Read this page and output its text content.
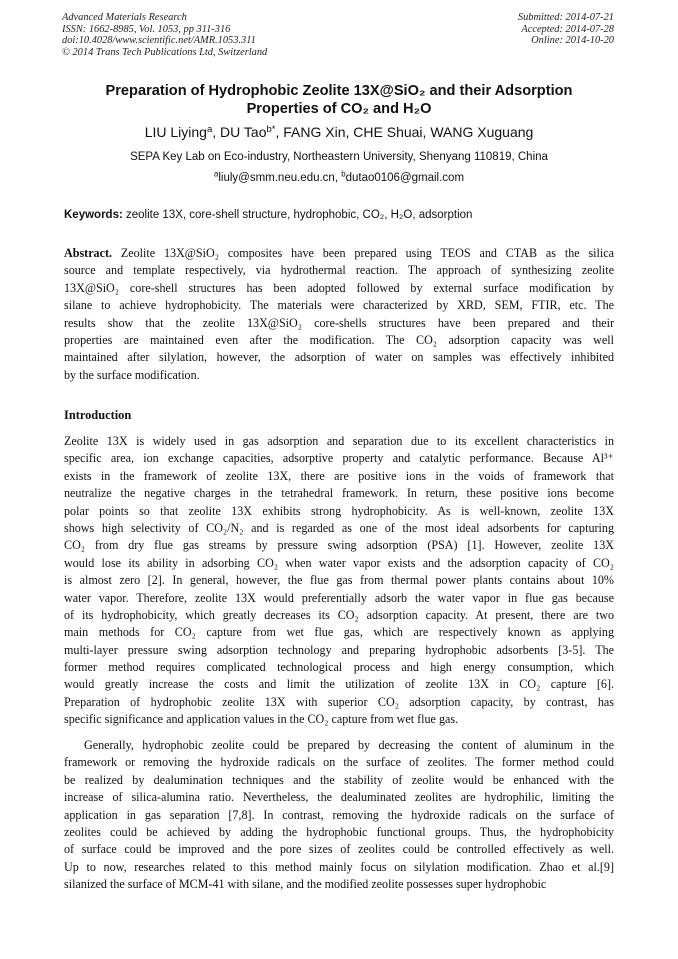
Advanced Materials Research
ISSN: 1662-8985, Vol. 1053, pp 311-316
doi:10.4028/www.scientific.net/AMR.1053.311
© 2014 Trans Tech Publications Ltd, Switzerland
Submitted: 2014-07-21
Accepted: 2014-07-28
Online: 2014-10-20
Preparation of Hydrophobic Zeolite 13X@SiO₂ and their Adsorption
Properties of CO₂ and H₂O
LIU Liying$^a$, DU Tao$^{b*}$, FANG Xin, CHE Shuai, WANG Xuguang
SEPA Key Lab on Eco-industry, Northeastern University, Shenyang 110819, China
$^a$liuly@smm.neu.edu.cn, $^b$dutao0106@gmail.com
Keywords: zeolite 13X, core-shell structure, hydrophobic, CO₂, H₂O, adsorption
Abstract. Zeolite 13X@SiO₂ composites have been prepared using TEOS and CTAB as the silica
source and template respectively, via hydrothermal reaction. The approach of synthesizing zeolite
13X@SiO₂ core-shell structures has been adopted followed by external surface modification by
silane to achieve hydrophobicity. The materials were characterized by XRD, SEM, FTIR, etc. The
results show that the zeolite 13X@SiO₂ core-shells structures have been prepared and their
properties are maintained even after the modification. The CO₂ adsorption capacity was well
maintained after silylation, however, the adsorption of water on samples was effectively inhibited
by the surface modification.
Introduction
Zeolite 13X is widely used in gas adsorption and separation due to its excellent characteristics in
specific area, ion exchange capacities, adsorptive property and catalytic performance. Because Al³⁺
exists in the framework of zeolite 13X, there are positive ions in the voids of framework that
neutralize the negative charges in the tetrahedral framework. In return, these positive ions become
polar points so that zeolite 13X exhibits strong hydrophobicity. As is well-known, zeolite 13X
shows high selectivity of CO₂/N₂ and is regarded as one of the most ideal adsorbents for capturing
CO₂ from dry flue gas streams by pressure swing adsorption (PSA) [1]. However, zeolite 13X
would lose its ability in adsorbing CO₂ when water vapor exists and the adsorption capacity of CO₂
is almost zero [2]. In general, however, the flue gas from thermal power plants contains about 10%
water vapor. Therefore, zeolite 13X would preferentially adsorb the water vapor in flue gas because
of its hydrophobicity, which greatly decreases its CO₂ adsorption capacity. At present, there are two
main methods for CO₂ capture from wet flue gas, which are respectively known as applying
multi-layer pressure swing adsorption technology and preparing hydrophobic adsorbents [3-5]. The
former method requires complicated technological process and high energy consumption, which
would greatly increase the costs and limit the utilization of zeolite 13X in CO₂ capture [6].
Preparation of hydrophobic zeolite 13X with superior CO₂ adsorption capacity, by contrast, has
specific significance and application values in the CO₂ capture from wet flue gas.
Generally, hydrophobic zeolite could be prepared by decreasing the content of aluminum in the
framework or removing the hydroxide radicals on the surface of zeolites. The former method could
be realized by dealumination techniques and the stability of zeolite would be enhanced with the
increase of silica-alumina ratio. Nevertheless, the dealuminated zeolites are hydrophilic, limiting the
application in gas separation [7,8]. In contrast, removing the hydroxide radicals on the surface of
zeolites could be achieved by adding the hydrophobic functional groups. Thus, the hydrophobicity
of surface could be improved and the pore sizes of zeolites could be controlled effectively as well.
Up to now, researches related to this method mainly focus on silylation modification. Zhao et al.[9]
silanized the surface of MCM-41 with silane, and the modified zeolite possesses super hydrophobic
